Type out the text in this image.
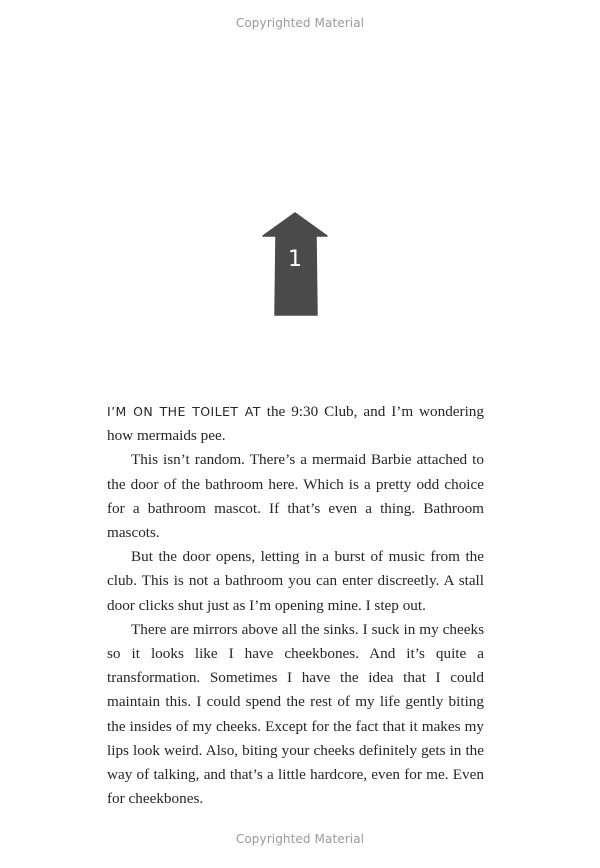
Copyrighted Material
1

I’M ON THE TOILET AT the 9:30 Club, and I’m wondering how mermaids pee.

This isn’t random. There’s a mermaid Barbie attached to the door of the bathroom here. Which is a pretty odd choice for a bathroom mascot. If that’s even a thing. Bathroom mascots.

But the door opens, letting in a burst of music from the club. This is not a bathroom you can enter discreetly. A stall door clicks shut just as I’m opening mine. I step out.

There are mirrors above all the sinks. I suck in my cheeks so it looks like I have cheekbones. And it’s quite a transformation. Sometimes I have the idea that I could maintain this. I could spend the rest of my life gently biting the insides of my cheeks. Except for the fact that it makes my lips look weird. Also, biting your cheeks definitely gets in the way of talking, and that’s a little hardcore, even for me. Even for cheekbones.

Copyrighted Material
